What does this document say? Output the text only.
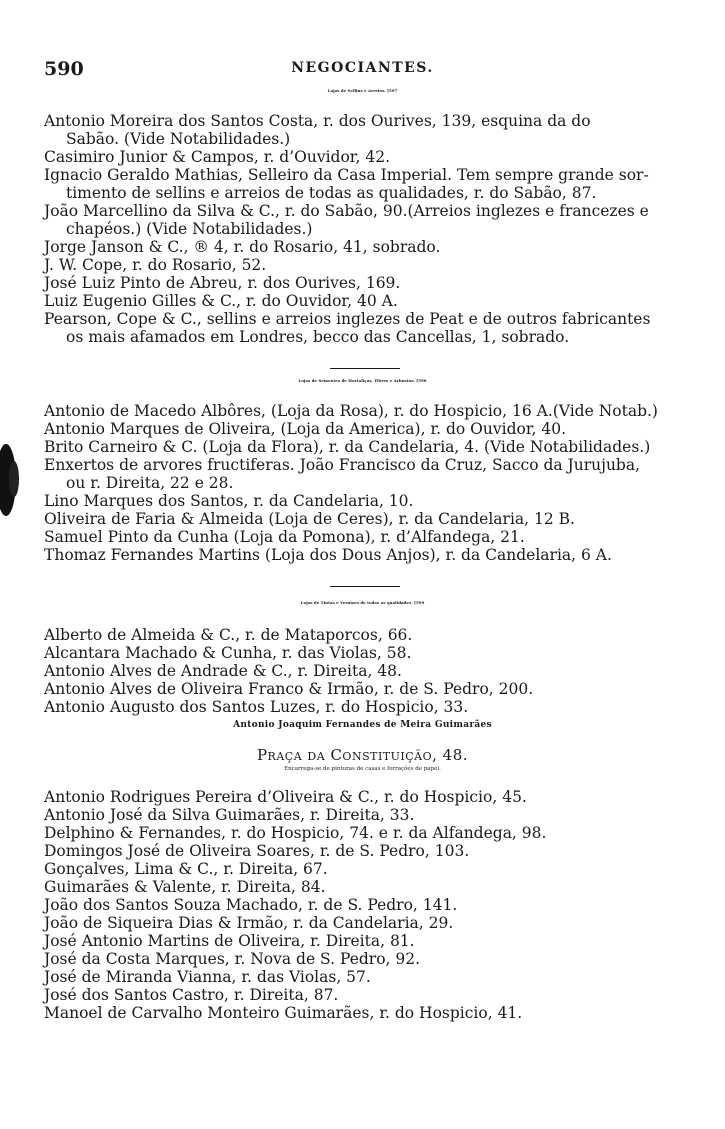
590	NEGOCIANTES.
Lojas de Sellins e Arreios. [597
Antonio Moreira dos Santos Costa, r. dos Ourives, 139, esquina da do
Sabão. (Vide Notabilidades.)
Casimiro Junior & Campos, r. d’Ouvidor, 42.
Ignacio Geraldo Mathias, Selleiro da Casa Imperial. Tem sempre grande sor-
timento de sellins e arreios de todas as qualidades, r. do Sabão, 87.
João Marcellino da Silva & C., r. do Sabão, 90.(Arreios inglezes e francezes e
chapéos.) (Vide Notabilidades.)
Jorge Janson & C., ® 4, r. do Rosario, 41, sobrado.
J. W. Cope, r. do Rosario, 52.
José Luiz Pinto de Abreu, r. dos Ourives, 169.
Luiz Eugenio Gilles & C., r. do Ouvidor, 40 A.
Pearson, Cope & C., sellins e arreios inglezes de Peat e de outros fabricantes
os mais afamados em Londres, becco das Cancellas, 1, sobrado.
Lojas de Sementes de Hortaliças, Flôres e Arbustos. [598
Antonio de Macedo Albôres, (Loja da Rosa), r. do Hospicio, 16 A.(Vide Notab.)
Antonio Marques de Oliveira, (Loja da America), r. do Ouvidor, 40.
Brito Carneiro & C. (Loja da Flora), r. da Candelaria, 4. (Vide Notabilidades.)
Enxertos de arvores fructiferas. João Francisco da Cruz, Sacco da Jurujuba,
ou r. Direita, 22 e 28.
Lino Marques dos Santos, r. da Candelaria, 10.
Oliveira de Faria & Almeida (Loja de Ceres), r. da Candelaria, 12 B.
Samuel Pinto da Cunha (Loja da Pomona), r. d’Alfandega, 21.
Thomaz Fernandes Martins (Loja dos Dous Anjos), r. da Candelaria, 6 A.
Lojas de Tintas e Vernizes de todas as qualidades. [599
Alberto de Almeida & C., r. de Mataporcos, 66.
Alcantara Machado & Cunha, r. das Violas, 58.
Antonio Alves de Andrade & C., r. Direita, 48.
Antonio Alves de Oliveira Franco & Irmão, r. de S. Pedro, 200.
Antonio Augusto dos Santos Luzes, r. do Hospicio, 33.
Antonio Joaquim Fernandes de Meira Guimarães
Praça da Constituição, 48.
Encarrega-se de pinturas de casas e forrações de papel.
Antonio Rodrigues Pereira d’Oliveira & C., r. do Hospicio, 45.
Antonio José da Silva Guimarães, r. Direita, 33.
Delphino & Fernandes, r. do Hospicio, 74. e r. da Alfandega, 98.
Domingos José de Oliveira Soares, r. de S. Pedro, 103.
Gonçalves, Lima & C., r. Direita, 67.
Guimarães & Valente, r. Direita, 84.
João dos Santos Souza Machado, r. de S. Pedro, 141.
João de Siqueira Dias & Irmão, r. da Candelaria, 29.
José Antonio Martins de Oliveira, r. Direita, 81.
José da Costa Marques, r. Nova de S. Pedro, 92.
José de Miranda Vianna, r. das Violas, 57.
José dos Santos Castro, r. Direita, 87.
Manoel de Carvalho Monteiro Guimarães, r. do Hospicio, 41.
